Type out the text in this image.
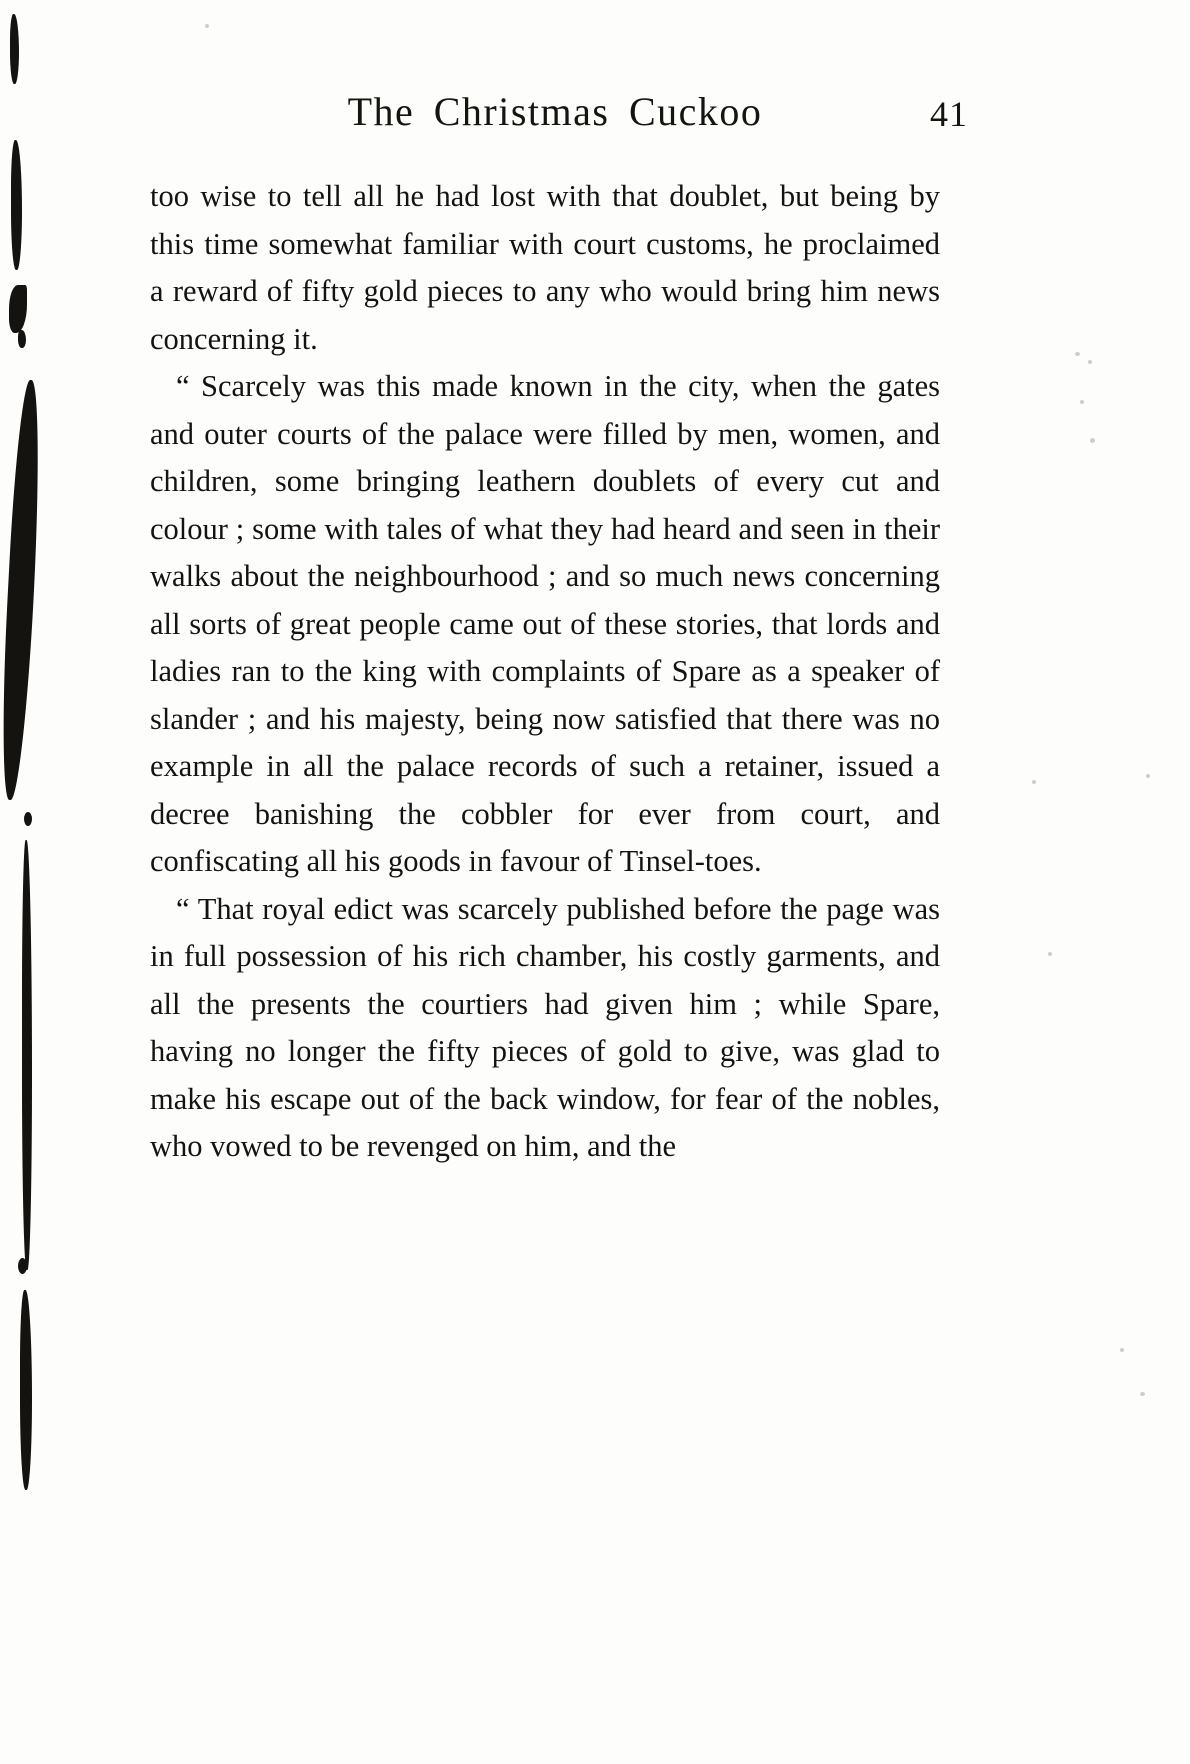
The Christmas Cuckoo	41

too wise to tell all he had lost with that doublet, but being by this time somewhat familiar with court customs, he proclaimed a reward of fifty gold pieces to any who would bring him news concerning it.

“ Scarcely was this made known in the city, when the gates and outer courts of the palace were filled by men, women, and children, some bringing leathern doublets of every cut and colour ; some with tales of what they had heard and seen in their walks about the neighbourhood ; and so much news concerning all sorts of great people came out of these stories, that lords and ladies ran to the king with complaints of Spare as a speaker of slander ; and his majesty, being now satisfied that there was no example in all the palace records of such a retainer, issued a decree banishing the cobbler for ever from court, and confiscating all his goods in favour of Tinsel-toes.

“ That royal edict was scarcely published before the page was in full possession of his rich chamber, his costly garments, and all the presents the courtiers had given him ; while Spare, having no longer the fifty pieces of gold to give, was glad to make his escape out of the back window, for fear of the nobles, who vowed to be revenged on him, and the
